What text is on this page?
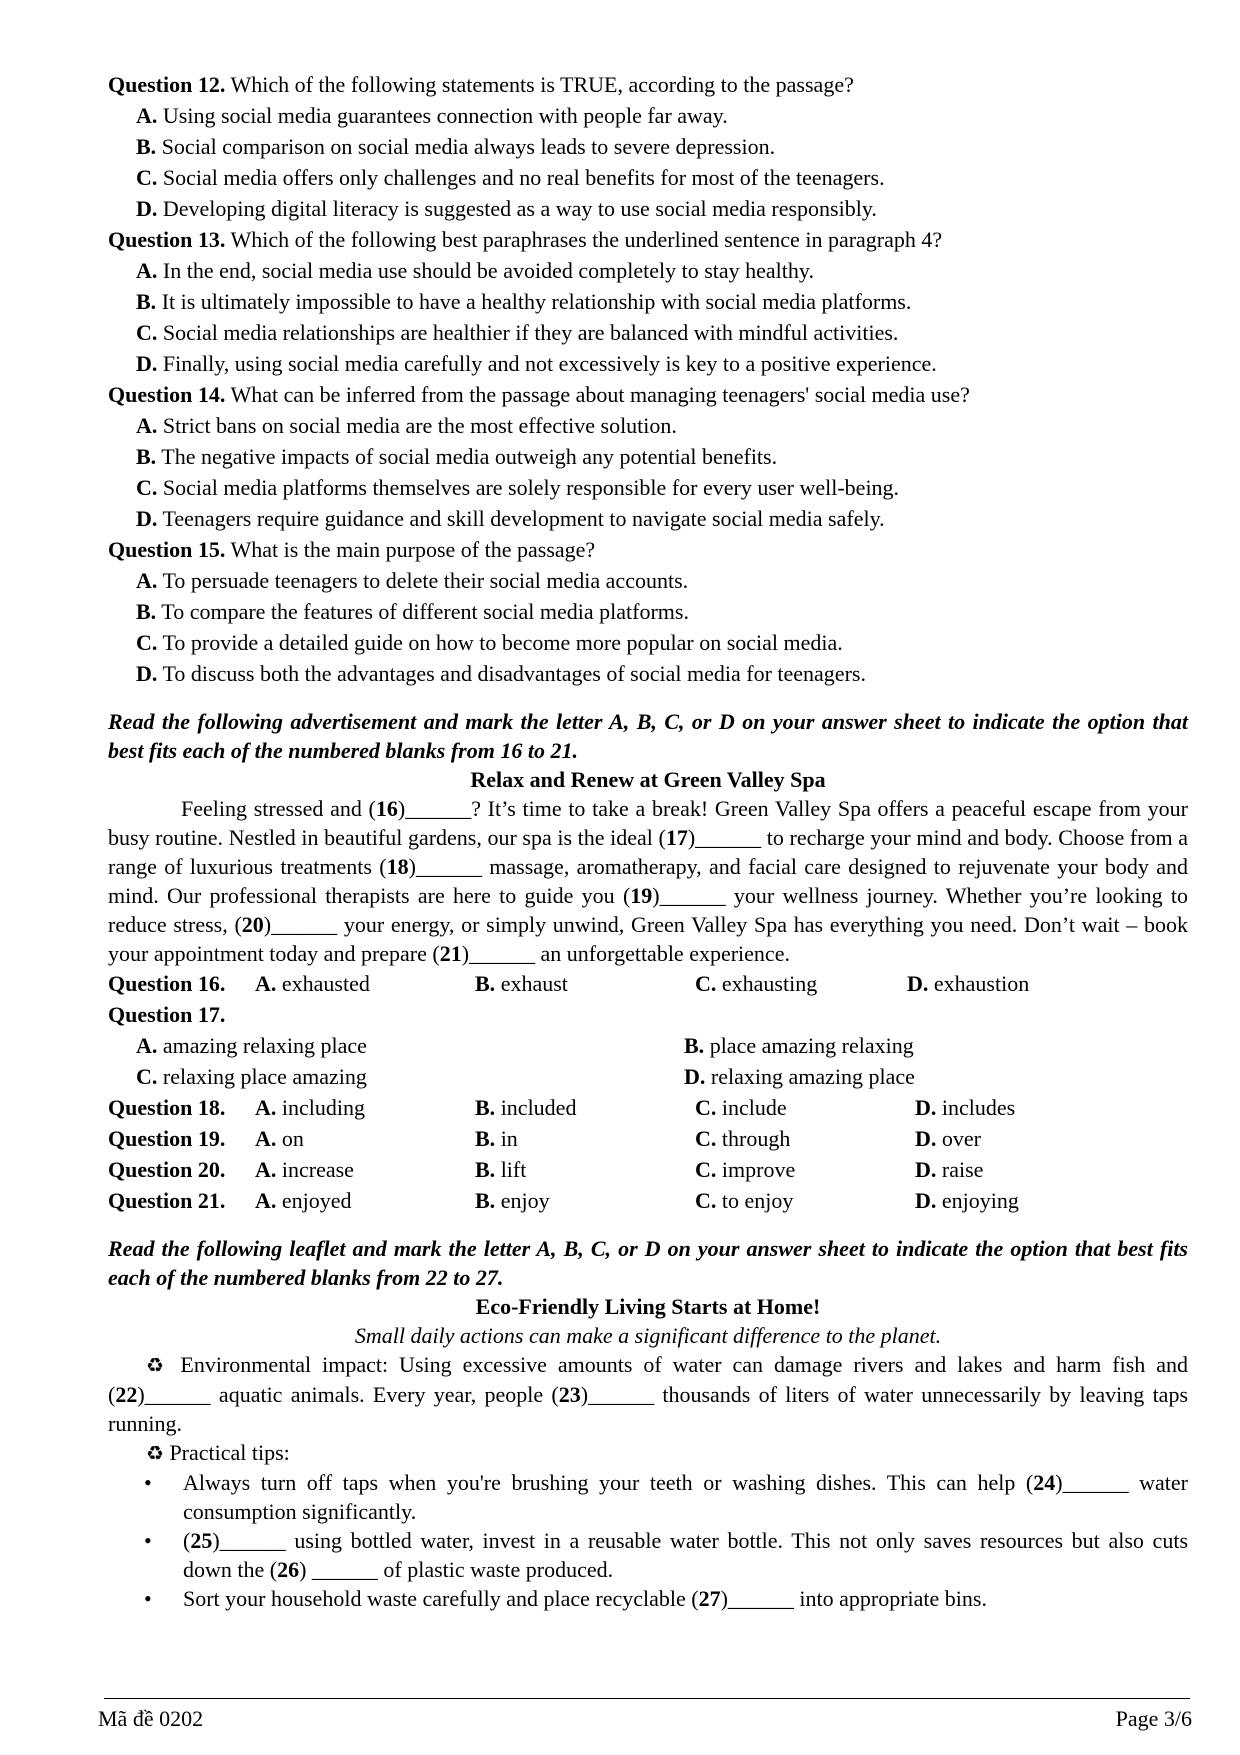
Question 12. Which of the following statements is TRUE, according to the passage?

A. Using social media guarantees connection with people far away.

B. Social comparison on social media always leads to severe depression.

C. Social media offers only challenges and no real benefits for most of the teenagers.

D. Developing digital literacy is suggested as a way to use social media responsibly.

Question 13. Which of the following best paraphrases the underlined sentence in paragraph 4?

A. In the end, social media use should be avoided completely to stay healthy.

B. It is ultimately impossible to have a healthy relationship with social media platforms.

C. Social media relationships are healthier if they are balanced with mindful activities.

D. Finally, using social media carefully and not excessively is key to a positive experience.

Question 14. What can be inferred from the passage about managing teenagers' social media use?

A. Strict bans on social media are the most effective solution.

B. The negative impacts of social media outweigh any potential benefits.

C. Social media platforms themselves are solely responsible for every user well-being.

D. Teenagers require guidance and skill development to navigate social media safely.

Question 15. What is the main purpose of the passage?

A. To persuade teenagers to delete their social media accounts.

B. To compare the features of different social media platforms.

C. To provide a detailed guide on how to become more popular on social media.

D. To discuss both the advantages and disadvantages of social media for teenagers.

Read the following advertisement and mark the letter A, B, C, or D on your answer sheet to indicate the option that best fits each of the numbered blanks from 16 to 21.

Relax and Renew at Green Valley Spa

Feeling stressed and (16)______? It’s time to take a break! Green Valley Spa offers a peaceful escape from your busy routine. Nestled in beautiful gardens, our spa is the ideal (17)______ to recharge your mind and body. Choose from a range of luxurious treatments (18)______ massage, aromatherapy, and facial care designed to rejuvenate your body and mind. Our professional therapists are here to guide you (19)______ your wellness journey. Whether you’re looking to reduce stress, (20)______ your energy, or simply unwind, Green Valley Spa has everything you need. Don’t wait – book your appointment today and prepare (21)______ an unforgettable experience.

Question 16.	A. exhausted	B. exhaust	C. exhausting	D. exhaustion

Question 17.

A. amazing relaxing place	B. place amazing relaxing
C. relaxing place amazing	D. relaxing amazing place
Question 18.	A. including	B. included	C. include	D. includes
Question 19.	A. on	B. in	C. through	D. over
Question 20.	A. increase	B. lift	C. improve	D. raise
Question 21.	A. enjoyed	B. enjoy	C. to enjoy	D. enjoying

Read the following leaflet and mark the letter A, B, C, or D on your answer sheet to indicate the option that best fits each of the numbered blanks from 22 to 27.

Eco-Friendly Living Starts at Home!

Small daily actions can make a significant difference to the planet.

♻ Environmental impact: Using excessive amounts of water can damage rivers and lakes and harm fish and (22)______ aquatic animals. Every year, people (23)______ thousands of liters of water unnecessarily by leaving taps running.

♻ Practical tips:

• Always turn off taps when you're brushing your teeth or washing dishes. This can help (24)______ water consumption significantly.
• (25)______ using bottled water, invest in a reusable water bottle. This not only saves resources but also cuts down the (26) ______ of plastic waste produced.
• Sort your household waste carefully and place recyclable (27)______ into appropriate bins.
Mã đề 0202	Page 3/6
